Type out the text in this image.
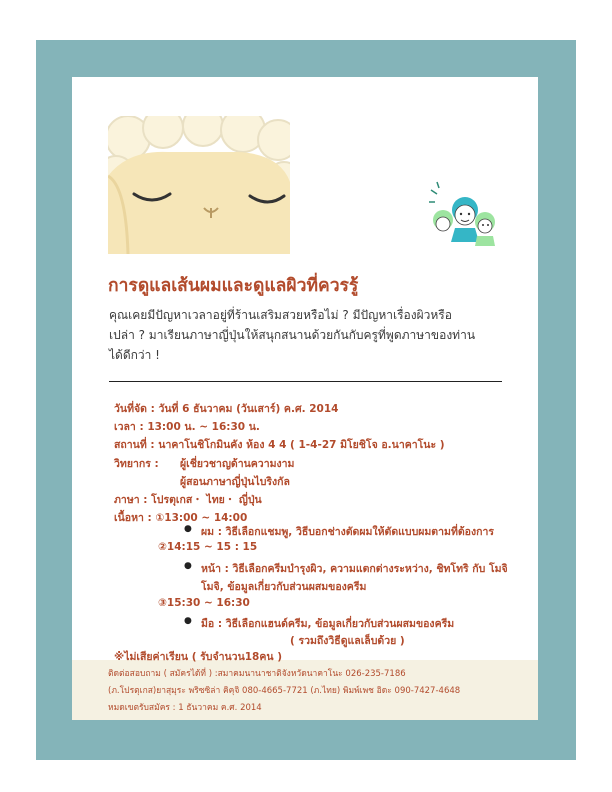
การดูแลเส้นผมและดูแลผิวที่ควรรู้
คุณเคยมีปัญหาเวลาอยู่ที่ร้านเสริมสวยหรือไม่ ? มีปัญหาเรื่องผิวหรือ
เปล่า ? มาเรียนภาษาญี่ปุ่นให้สนุกสนานด้วยกันกับครูที่พูดภาษาของท่าน
ได้ดีกว่า !
วันที่จัด : วันที่ 6 ธันวาคม (วันเสาร์) ค.ศ. 2014
เวลา : 13:00 น. ~ 16:30 น.
สถานที่ : นาคาโนชิโกมินคัง ห้อง 4 4 ( 1-4-27 มิโยชิโจ อ.นาคาโนะ )
วิทยากร : ผู้เชี่ยวชาญด้านความงาม
ผู้สอนภาษาญี่ปุ่นไบริงกัล
ภาษา : โปรตุเกส・ ไทย・ ญี่ปุ่น
เนื้อหา : ①13:00 ~ 14:00
● ผม : วิธีเลือกแชมพู, วิธีบอกช่างตัดผมให้ตัดแบบผมตามที่ต้องการ
②14:15 ~ 15 : 15
● หน้า : วิธีเลือกครีมบำรุงผิว, ความแตกต่างระหว่าง, ชิทโทริ กับ โมจิ
โมจิ, ข้อมูลเกี่ยวกับส่วนผสมของครีม
③15:30 ~ 16:30
● มือ : วิธีเลือกแฮนด์ครีม, ข้อมูลเกี่ยวกับส่วนผสมของครีม
( รวมถึงวิธีดูแลเล็บด้วย )
※ไม่เสียค่าเรียน ( รับจำนวน18คน )
ติดต่อสอบถาม ( สมัครได้ที่ ) :สมาคมนานาชาติจังหวัดนาคาโนะ 026-235-7186
(ภ.โปรตุเกส)ยาสุมุระ พริซซิล่า คิคุจิ 080-4665-7721 (ภ.ไทย) พิมพ์เพช อิดะ 090-7427-4648
หมดเขตรับสมัคร : 1 ธันวาคม ค.ศ. 2014
